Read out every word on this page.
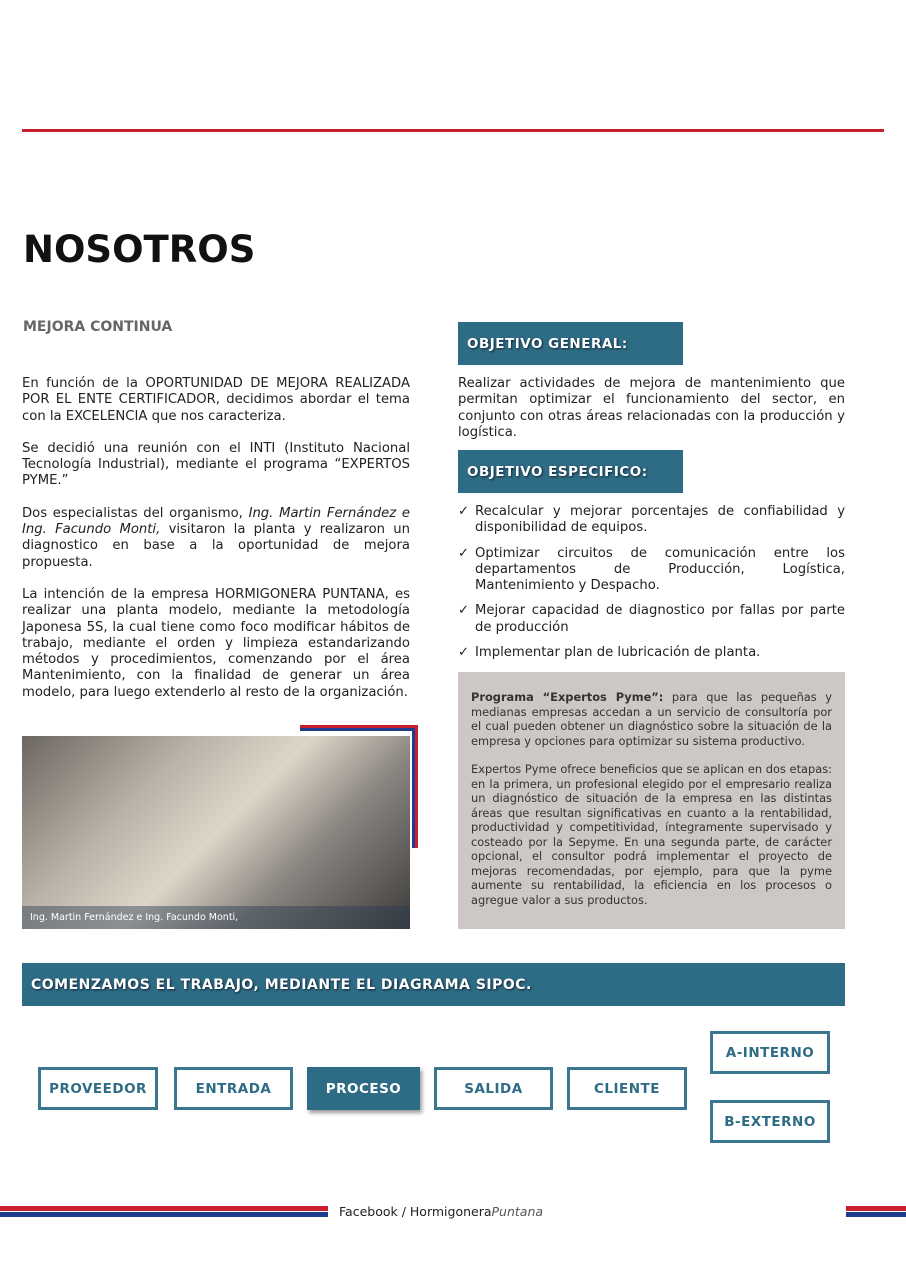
NOSOTROS
MEJORA CONTINUA

En función de la OPORTUNIDAD DE MEJORA REALIZADA POR EL ENTE CERTIFICADOR, decidimos abordar el tema con la EXCELENCIA que nos caracteriza.

Se decidió una reunión con el INTI (Instituto Nacional Tecnología Industrial), mediante el programa “EXPERTOS PYME.”

Dos especialistas del organismo, Ing. Martin Fernández e Ing. Facundo Monti, visitaron la planta y realizaron un diagnostico en base a la oportunidad de mejora propuesta.

La intención de la empresa HORMIGONERA PUNTANA, es realizar una planta modelo, mediante la metodología Japonesa 5S, la cual tiene como foco modificar hábitos de trabajo, mediante el orden y limpieza estandarizando métodos y procedimientos, comenzando por el área Mantenimiento, con la finalidad de generar un área modelo, para luego extenderlo al resto de la organización.

Ing. Martin Fernández e Ing. Facundo Monti,
OBJETIVO GENERAL:
Realizar actividades de mejora de mantenimiento que permitan optimizar el funcionamiento del sector, en conjunto con otras áreas relacionadas con la producción y logística.
OBJETIVO ESPECIFICO:
✓ Recalcular y mejorar porcentajes de confiabilidad y disponibilidad de equipos.
✓ Optimizar circuitos de comunicación entre los departamentos de Producción, Logística, Mantenimiento y Despacho.
✓ Mejorar capacidad de diagnostico por fallas por parte de producción
✓ Implementar plan de lubricación de planta.

Programa “Expertos Pyme”: para que las pequeñas y medianas empresas accedan a un servicio de consultoría por el cual pueden obtener un diagnóstico sobre la situación de la empresa y opciones para optimizar su sistema productivo.

Expertos Pyme ofrece beneficios que se aplican en dos etapas: en la primera, un profesional elegido por el empresario realiza un diagnóstico de situación de la empresa en las distintas áreas que resultan significativas en cuanto a la rentabilidad, productividad y competitividad, íntegramente supervisado y costeado por la Sepyme. En una segunda parte, de carácter opcional, el consultor podrá implementar el proyecto de mejoras recomendadas, por ejemplo, para que la pyme aumente su rentabilidad, la eficiencia en los procesos o agregue valor a sus productos.

COMENZAMOS EL TRABAJO, MEDIANTE EL DIAGRAMA SIPOC.
PROVEEDOR	ENTRADA	PROCESO	SALIDA	CLIENTE
A-INTERNO
B-EXTERNO
Facebook / HormigoneraPuntana
